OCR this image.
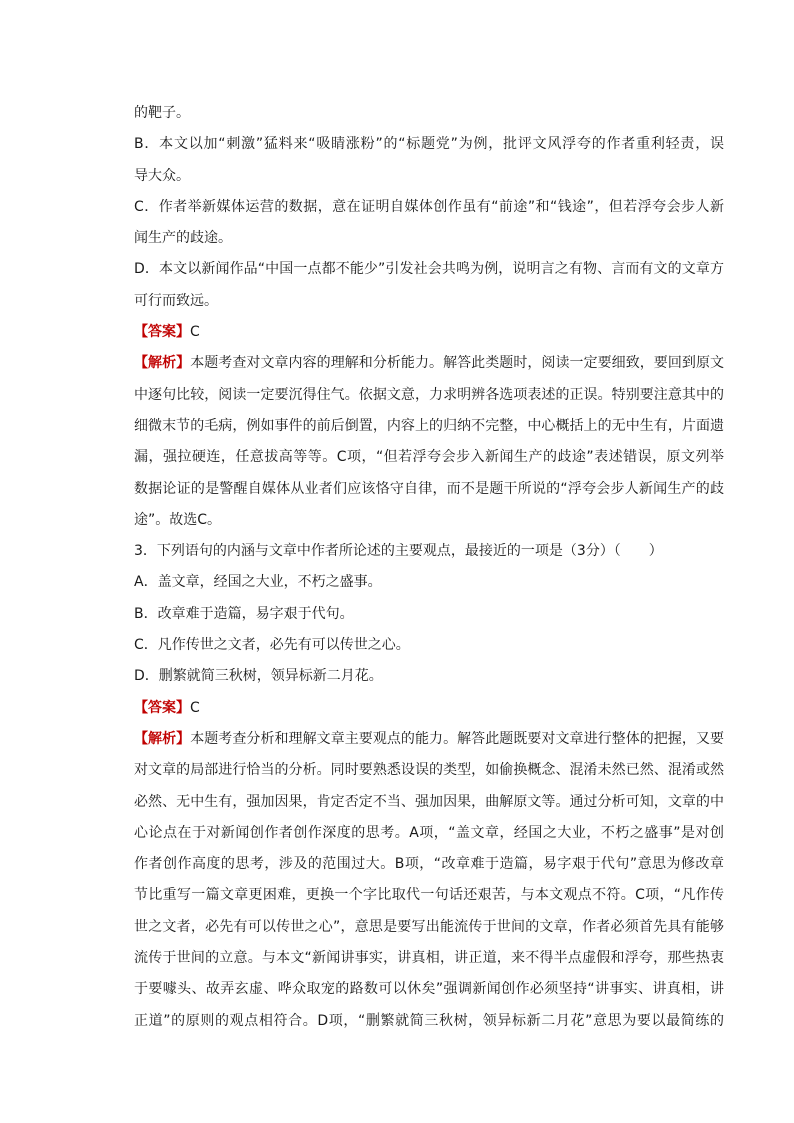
的靶子。
B．本文以加“刺激”猛料来“吸睛涨粉”的“标题党”为例，批评文风浮夸的作者重利轻责，误
导大众。
C．作者举新媒体运营的数据，意在证明自媒体创作虽有“前途”和“钱途”，但若浮夸会步人新
闻生产的歧途。
D．本文以新闻作品“中国一点都不能少”引发社会共鸣为例，说明言之有物、言而有文的文章方
可行而致远。
【答案】C
【解析】本题考查对文章内容的理解和分析能力。解答此类题时，阅读一定要细致，要回到原文
中逐句比较，阅读一定要沉得住气。依据文意，力求明辨各选项表述的正误。特别要注意其中的
细微末节的毛病，例如事件的前后倒置，内容上的归纳不完整，中心概括上的无中生有，片面遗
漏，强拉硬连，任意拔高等等。C项，“但若浮夸会步入新闻生产的歧途”表述错误，原文列举
数据论证的是警醒自媒体从业者们应该恪守自律，而不是题干所说的“浮夸会步人新闻生产的歧
途”。故选C。
3．下列语句的内涵与文章中作者所论述的主要观点，最接近的一项是（3分）（　　）
A．盖文章，经国之大业，不朽之盛事。
B．改章难于造篇，易字艰于代句。
C．凡作传世之文者，必先有可以传世之心。
D．删繁就简三秋树，领异标新二月花。
【答案】C
【解析】本题考查分析和理解文章主要观点的能力。解答此题既要对文章进行整体的把握，又要
对文章的局部进行恰当的分析。同时要熟悉设误的类型，如偷换概念、混淆未然已然、混淆或然
必然、无中生有，强加因果，肯定否定不当、强加因果，曲解原文等。通过分析可知，文章的中
心论点在于对新闻创作者创作深度的思考。A项，“盖文章，经国之大业，不朽之盛事”是对创
作者创作高度的思考，涉及的范围过大。B项，“改章难于造篇，易字艰于代句”意思为修改章
节比重写一篇文章更困难，更换一个字比取代一句话还艰苦，与本文观点不符。C项，“凡作传
世之文者，必先有可以传世之心”，意思是要写出能流传于世间的文章，作者必须首先具有能够
流传于世间的立意。与本文“新闻讲事实，讲真相，讲正道，来不得半点虚假和浮夸，那些热衷
于要噱头、故弄玄虚、哗众取宠的路数可以休矣”强调新闻创作必须坚持“讲事实、讲真相，讲
正道”的原则的观点相符合。D项，“删繁就简三秋树，领异标新二月花”意思为要以最简练的
